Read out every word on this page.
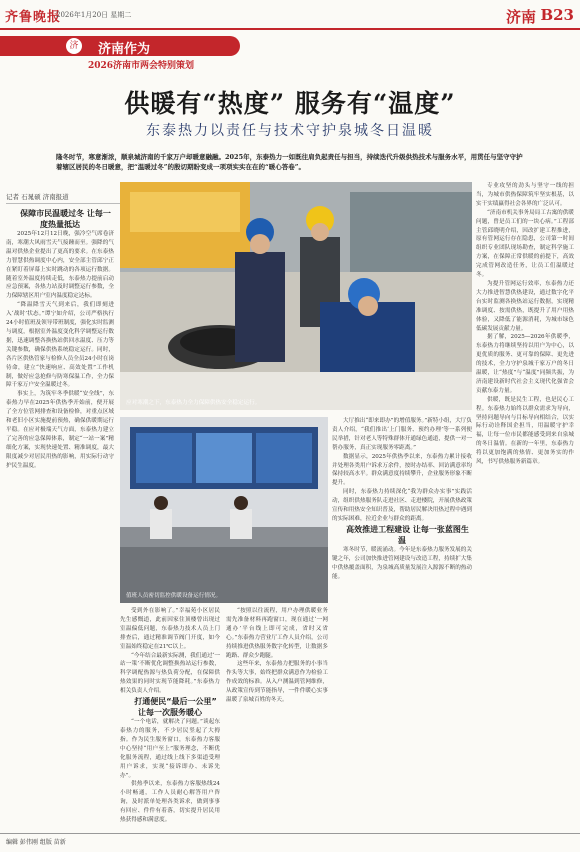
齐鲁晚报
2026年1月20日 星期二	济南 B23
济 济南作为
2026济南市两会特别策划
供暖有“热度” 服务有“温度”
东泰热力以责任与技术守护泉城冬日温暖
隆冬时节，寒意渐浓，顺泉城济南的千家万户却暖意融融。2025年，东泰热力一如既往肩负起责任与担当，持续迭代升级供热技术与服务水平，用贯任与坚守守护着辖区居民的冬日暖意，把“温暖过冬”的殷切期盼变成一项项实实在在的“暖心答卷”。
记者 石晁硕 济南报道

保障市民温暖过冬 让每一度热量抵达

2025年12月12日晚，强冷空气席卷济南，寒潮大风雨雪天气接踵而至。强降的气温对供热企业提出了更高的要求。在东泰热力智慧供热调度中心内，安全部主管邱宁正在紧盯着屏幕上实时跳动的各项运行数据。随着室外温度持续走低，东泰热力提前启动应急预案，各热力站及时调整运行参数，全力保障辖区用户室内温度稳定达标。

“降温降雪天气到来后，我们即刻进入‘战时’状态。”谭宁如介绍，公司严格执行24小时值班及领导带班制度，强化实时监测与调度，根据室外温度变化科学调整运行数据，迅速调整各换热站供回水温度、压力等关键参数，确保供热系统稳定运行。同时，各片区供热管家与检修人员全员24小时在岗待命，建立“快速响应、高效处置”工作机制，做好应急抢修与防寒保温工作，全力保障千家万户安全温暖过冬。

事实上，为筑牢冬季供暖“安全线”，东泰热力早在2025年供热季开始前，便开展了全方位管网排查和设备检修，对重点区域和老旧小区实施提前预热，确保供暖期运行平稳。在应对极端天气方面，东泰热力建立了完善的应急保障体系，制定“一站一案”精细化方案，实现快速处置、精准调度，最大限度减少对居民用热的影响，用实际行动守护民生温度。

应对寒潮之下，东泰热力全力保障供热安全稳定运行。

专业攻坚的劲头与坚守一线的担当，为城市供热保障筑牢坚实根基，以实干实绩赢得社会各界的广泛认可。

“济南市机关事务局局工古寓的供暖问题，曾是员工们的一块心病。”工程部主管邱晓明介绍，因改扩建工程推进，原有管网运行存在隐患，公司第一时间组织专业团队现场勘查，制定科学施工方案，在保障正常供暖的前提下，高效完成管网改造任务，让员工们温暖过冬。

为提升管网运行效率，东泰热力还大力推进智慧供热建设，通过数字化平台实时监测各换热站运行数据，实现精准调度、按需供热，既提升了用户用热体验，又降低了能源消耗，为城市绿色低碳发展贡献力量。

据了解，2025—2026年供暖季，东泰热力将继续坚持以用户为中心，以更优质的服务、更可靠的保障、更先进的技术，全力守护泉城千家万户的冬日温暖，让“热度”与“温度”同频共振，为济南建设新时代社会主义现代化强省会贡献东泰力量。

供暖，既是民生工程，也是民心工程。东泰热力始终以群众需求为导向，坚持问题导向与目标导向相结合，以实际行动诠释国企担当，用温暖守护幸福，让每一位市民都能感受到来自泉城的冬日温情。在新的一年里，东泰热力将以更加饱满的热情、更加务实的作风，书写供热服务新篇章。

值班人员密切监控供暖设备运行情况。

大厅推出“即来即办”的增值服务。”新特小组，大厅负责人介绍，“我们推出‘上门服务、预约办理’等一系列便民举措，针对老人等特殊群体开通绿色通道，提供一对一帮办服务，真正实现服务零距离。”

数据显示，2025年供热季以来，东泰热力累计接收并处理各类用户诉求万余件，按时办结率、回访满意率均保持较高水平。群众满意度持续攀升，企业服务形象不断提升。

同时，东泰热力持续深化“我为群众办实事”实践活动，组织供热服务队走进社区、走进楼院，开展供热政策宣传和用热安全知识普及，帮助居民解决用热过程中遇到的实际困难，拉近企业与群众的距离。

高效推进工程建设 让每一张蓝图生温

寒冬时节，暖流涌动。今年是东泰热力服务发展的关键之年，公司加快推进管网建设与改造工程，持续扩大集中供热覆盖面积，为泉城高质量发展注入源源不断的热动能。

受到外在影响了。”幸福苑小区居民先生感慨道，此前因家住顶楼曾出现过室温偏低问题，东泰热力技术人员上门排查后，通过精准调节阀门开度，如今室温始终稳定在21℃以上。

“今年结合最新实际测，我们通过‘一站一策’不断优化调整换热站运行参数，科学调配热源与热负荷分配，在保障供热效果的同时实现节能降耗。”东泰热力相关负责人介绍。

打通便民“最后一公里” 让每一次服务暖心

“一个电话，就解决了问题。”谈起东泰热力的服务，不少居民竖起了大拇指。作为民生服务窗口，东泰热力客服中心坚持“用户至上”服务理念，不断优化服务流程，通过线上线下多渠道受理用户诉求，实现“接诉即办、未诉先办”。

供热季以来，东泰热力客服热线24小时畅通，工作人员耐心解答用户咨询，及时派单处理各类诉求，做到事事有回应、件件有着落，切实提升居民用热获得感和满意度。

“按照以往流程，用户办理供暖业务需先准备材料再跑窗口，现在通过‘一网通办’平台线上即可完成，省时又省心。”东泰热力营业厅工作人员介绍，公司持续推进供热服务数字化转型，让数据多跑路、群众少跑腿。

这些年来，东泰热力把服务的小事当作头等大事，始终把群众满意作为检验工作成效的标准。从入户测温到管网维修，从政策宣传到节能指导，一件件暖心实事温暖了泉城百姓的冬天。

编辑 彭伟刚 组版 苗新
